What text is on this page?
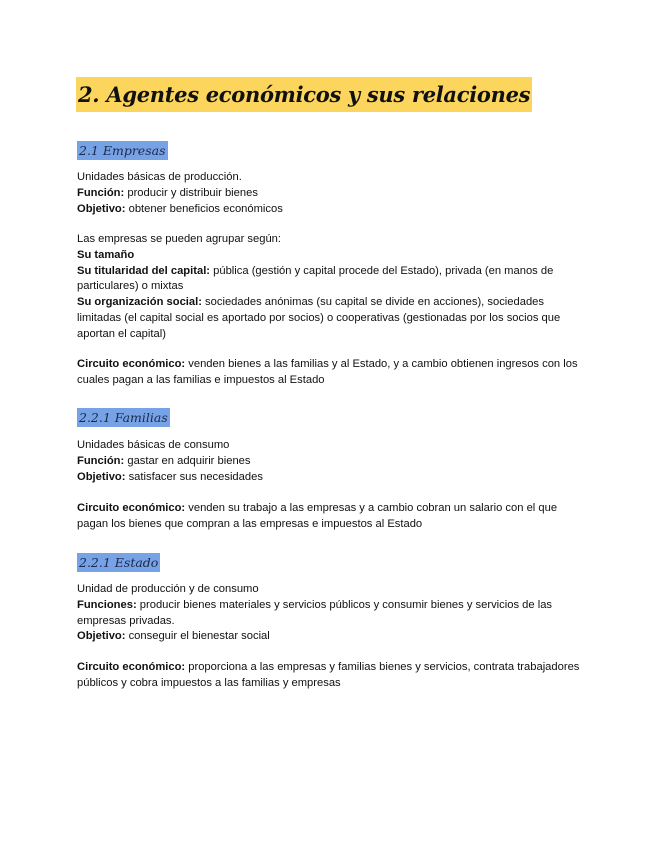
2. Agentes económicos y sus relaciones
2.1 Empresas
Unidades básicas de producción.
Función: producir y distribuir bienes
Objetivo: obtener beneficios económicos
Las empresas se pueden agrupar según:
Su tamaño
Su titularidad del capital: pública (gestión y capital procede del Estado), privada (en manos de particulares) o mixtas
Su organización social: sociedades anónimas (su capital se divide en acciones), sociedades limitadas (el capital social es aportado por socios) o cooperativas (gestionadas por los socios que aportan el capital)
Circuito económico: venden bienes a las familias y al Estado, y a cambio obtienen ingresos con los cuales pagan a las familias e impuestos al Estado
2.2.1 Familias
Unidades básicas de consumo
Función: gastar en adquirir bienes
Objetivo: satisfacer sus necesidades
Circuito económico: venden su trabajo a las empresas y a cambio cobran un salario con el que pagan los bienes que compran a las empresas e impuestos al Estado
2.2.1 Estado
Unidad de producción y de consumo
Funciones: producir bienes materiales y servicios públicos y consumir bienes y servicios de las empresas privadas.
Objetivo: conseguir el bienestar social
Circuito económico: proporciona a las empresas y familias bienes y servicios, contrata trabajadores públicos y cobra impuestos a las familias y empresas
